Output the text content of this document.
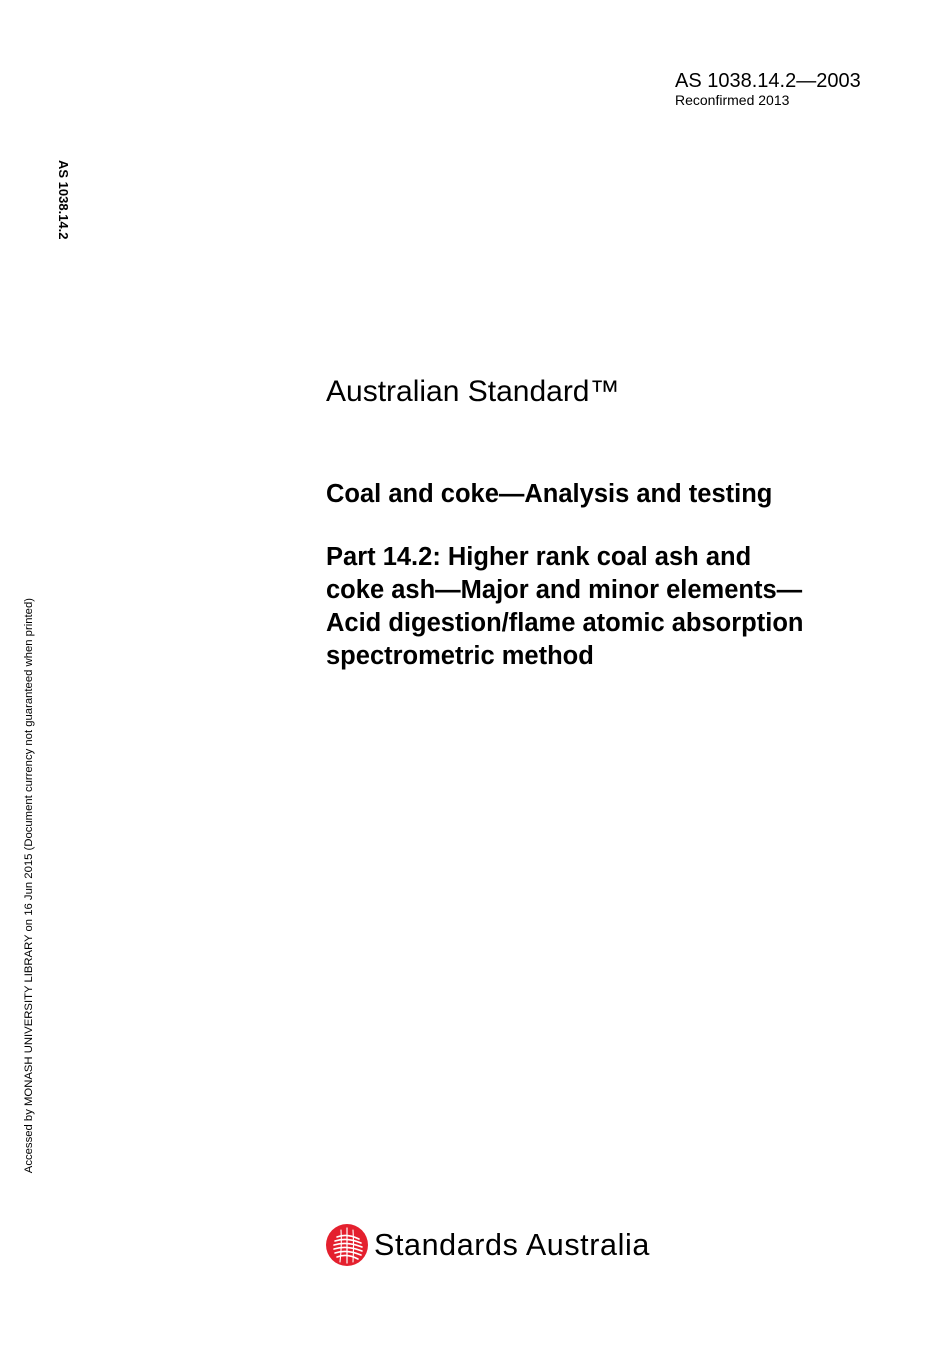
AS 1038.14.2—2003
Reconfirmed 2013
AS 1038.14.2
Accessed by MONASH UNIVERSITY LIBRARY on 16 Jun 2015 (Document currency not guaranteed when printed)
Australian Standard™
Coal and coke—Analysis and testing
Part 14.2: Higher rank coal ash and
coke ash—Major and minor elements—
Acid digestion/flame atomic absorption
spectrometric method
Standards Australia
